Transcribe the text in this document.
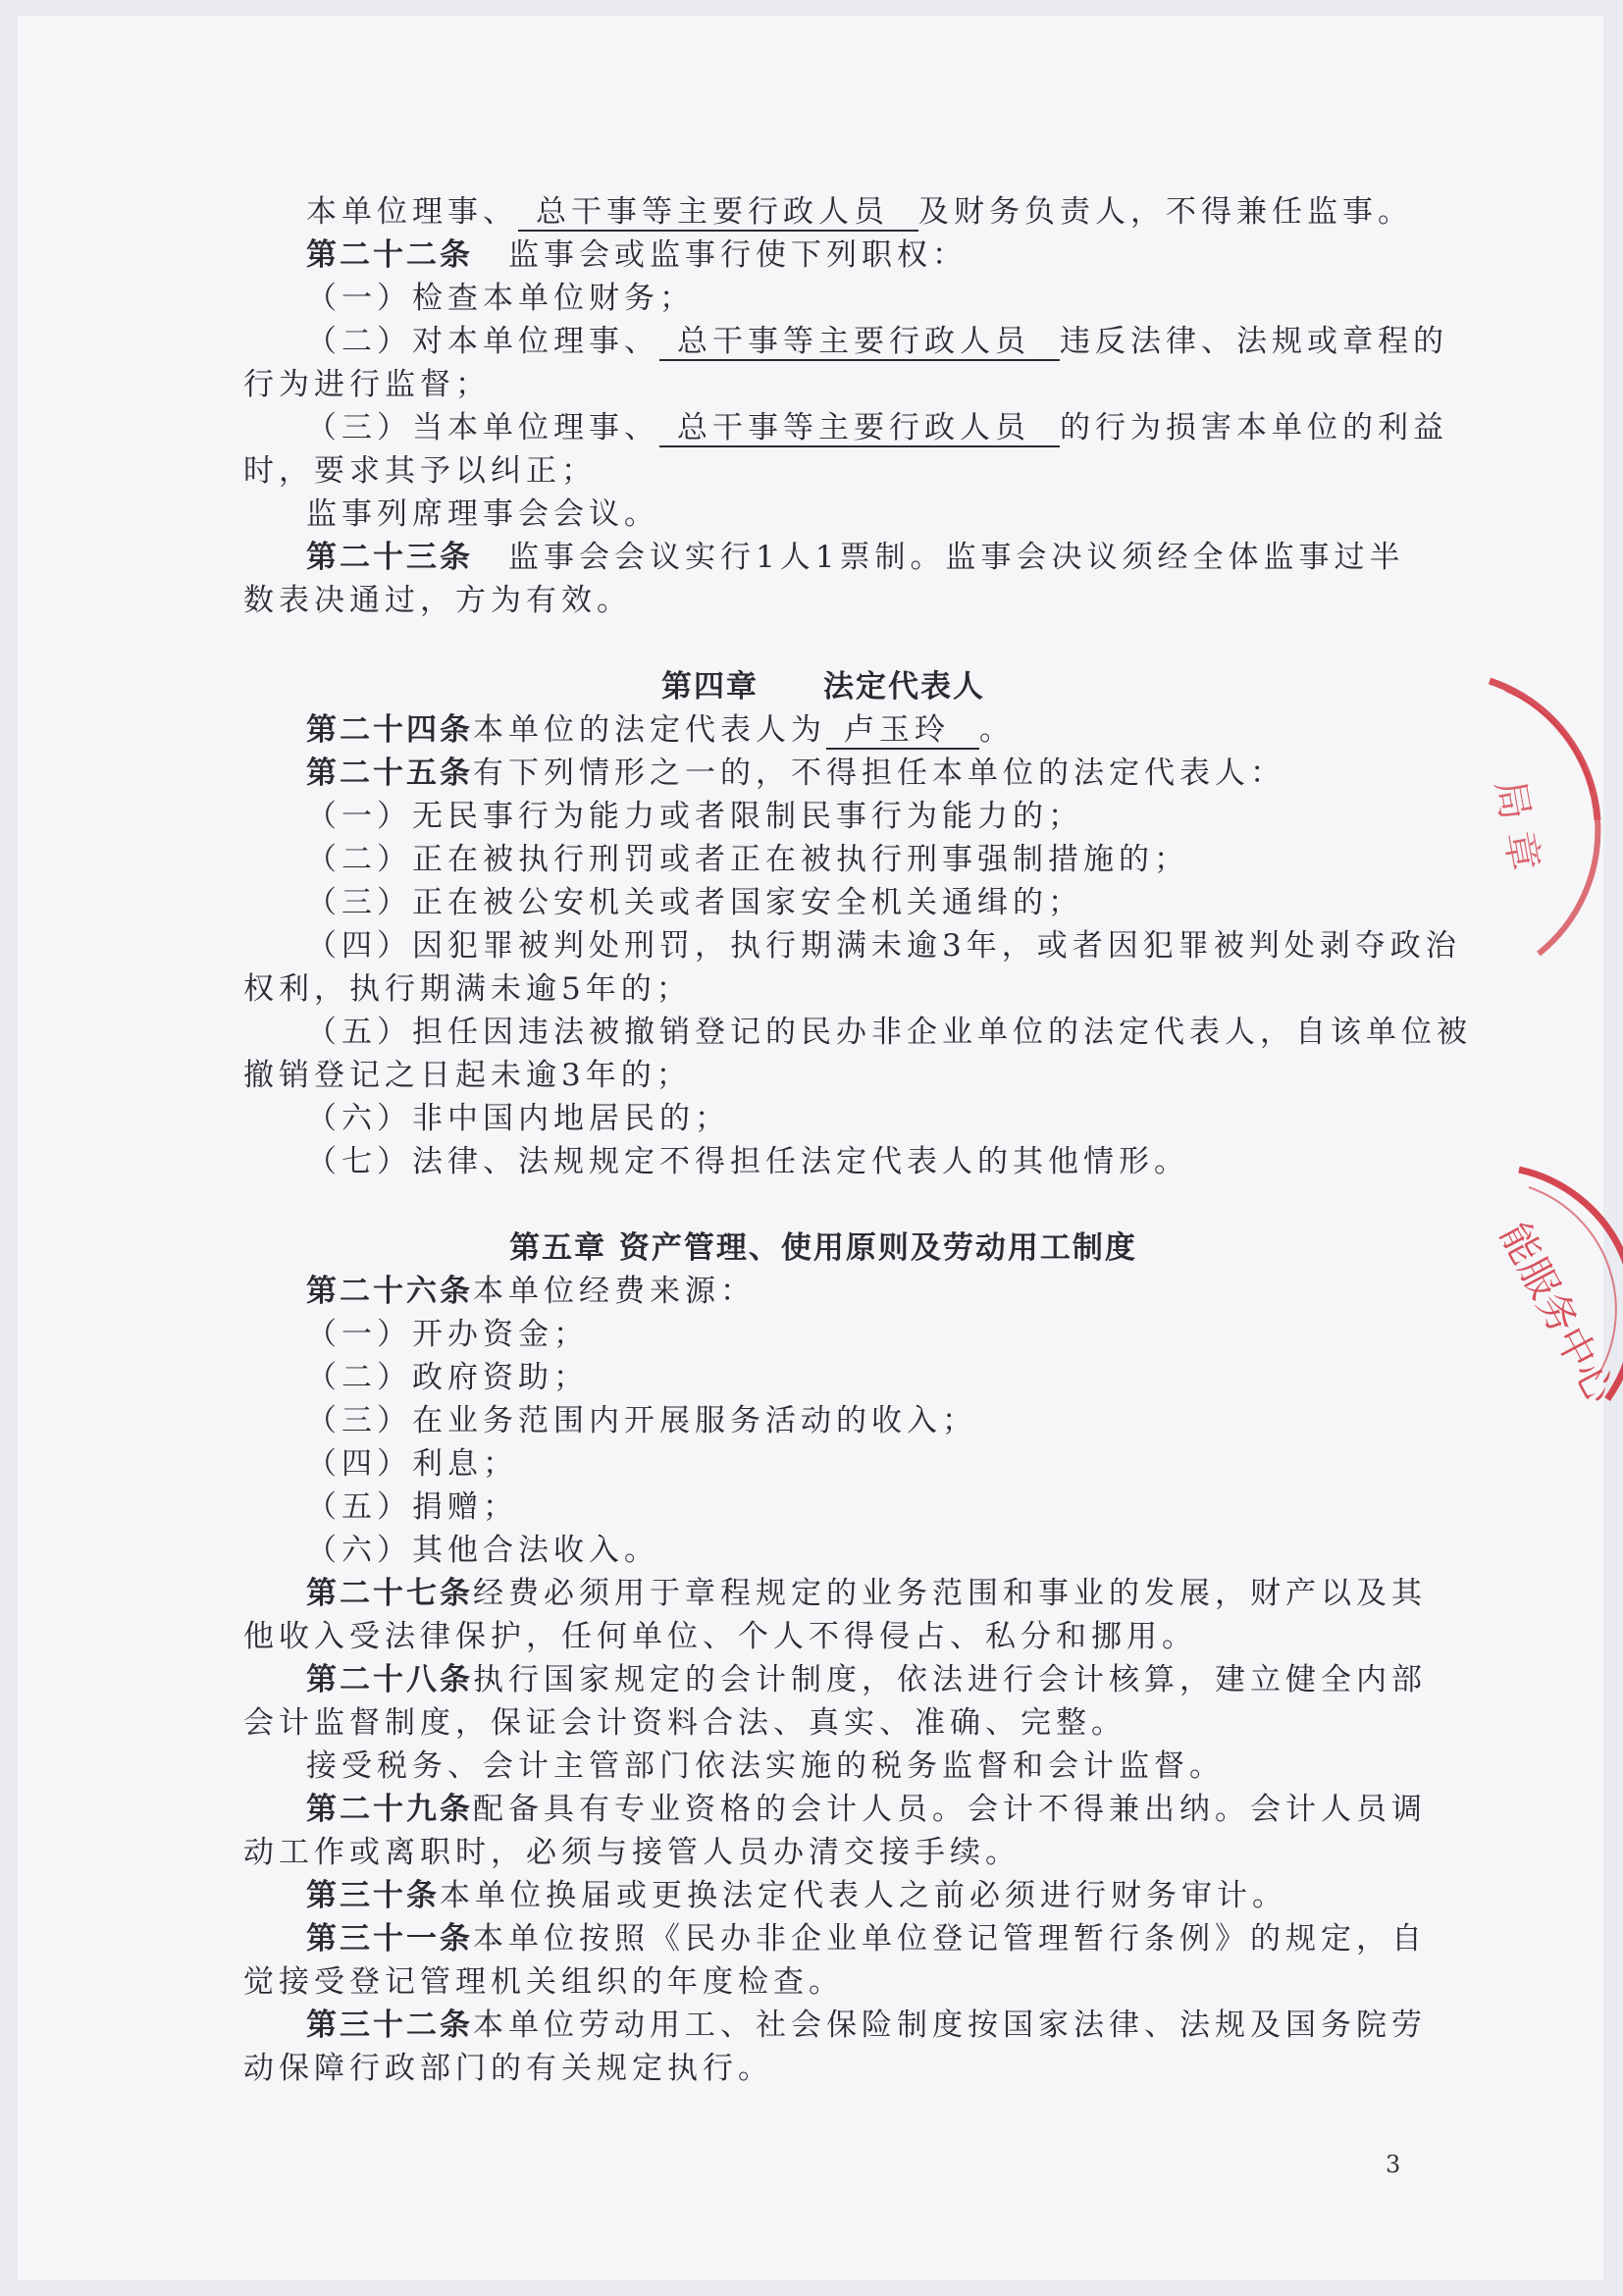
本单位理事、 总干事等主要行政人员 及财务负责人，不得兼任监事。
第二十二条 监事会或监事行使下列职权：
（一）检查本单位财务；
（二）对本单位理事、 总干事等主要行政人员 违反法律、法规或章程的
行为进行监督；
（三）当本单位理事、 总干事等主要行政人员 的行为损害本单位的利益
时，要求其予以纠正；
监事列席理事会会议。
第二十三条 监事会会议实行1人1票制。监事会决议须经全体监事过半
数表决通过，方为有效。
第四章　　法定代表人
第二十四条本单位的法定代表人为 卢玉玲 。
第二十五条有下列情形之一的，不得担任本单位的法定代表人：
（一）无民事行为能力或者限制民事行为能力的；
（二）正在被执行刑罚或者正在被执行刑事强制措施的；
（三）正在被公安机关或者国家安全机关通缉的；
（四）因犯罪被判处刑罚，执行期满未逾3年，或者因犯罪被判处剥夺政治
权利，执行期满未逾5年的；
（五）担任因违法被撤销登记的民办非企业单位的法定代表人，自该单位被
撤销登记之日起未逾3年的；
（六）非中国内地居民的；
（七）法律、法规规定不得担任法定代表人的其他情形。
第五章 资产管理、使用原则及劳动用工制度
第二十六条本单位经费来源：
（一）开办资金；
（二）政府资助；
（三）在业务范围内开展服务活动的收入；
（四）利息；
（五）捐赠；
（六）其他合法收入。
第二十七条经费必须用于章程规定的业务范围和事业的发展，财产以及其
他收入受法律保护，任何单位、个人不得侵占、私分和挪用。
第二十八条执行国家规定的会计制度，依法进行会计核算，建立健全内部
会计监督制度，保证会计资料合法、真实、准确、完整。
接受税务、会计主管部门依法实施的税务监督和会计监督。
第二十九条配备具有专业资格的会计人员。会计不得兼出纳。会计人员调
动工作或离职时，必须与接管人员办清交接手续。
第三十条本单位换届或更换法定代表人之前必须进行财务审计。
第三十一条本单位按照《民办非企业单位登记管理暂行条例》的规定，自
觉接受登记管理机关组织的年度检查。
第三十二条本单位劳动用工、社会保险制度按国家法律、法规及国务院劳
动保障行政部门的有关规定执行。
3
局 章
能服务中心
